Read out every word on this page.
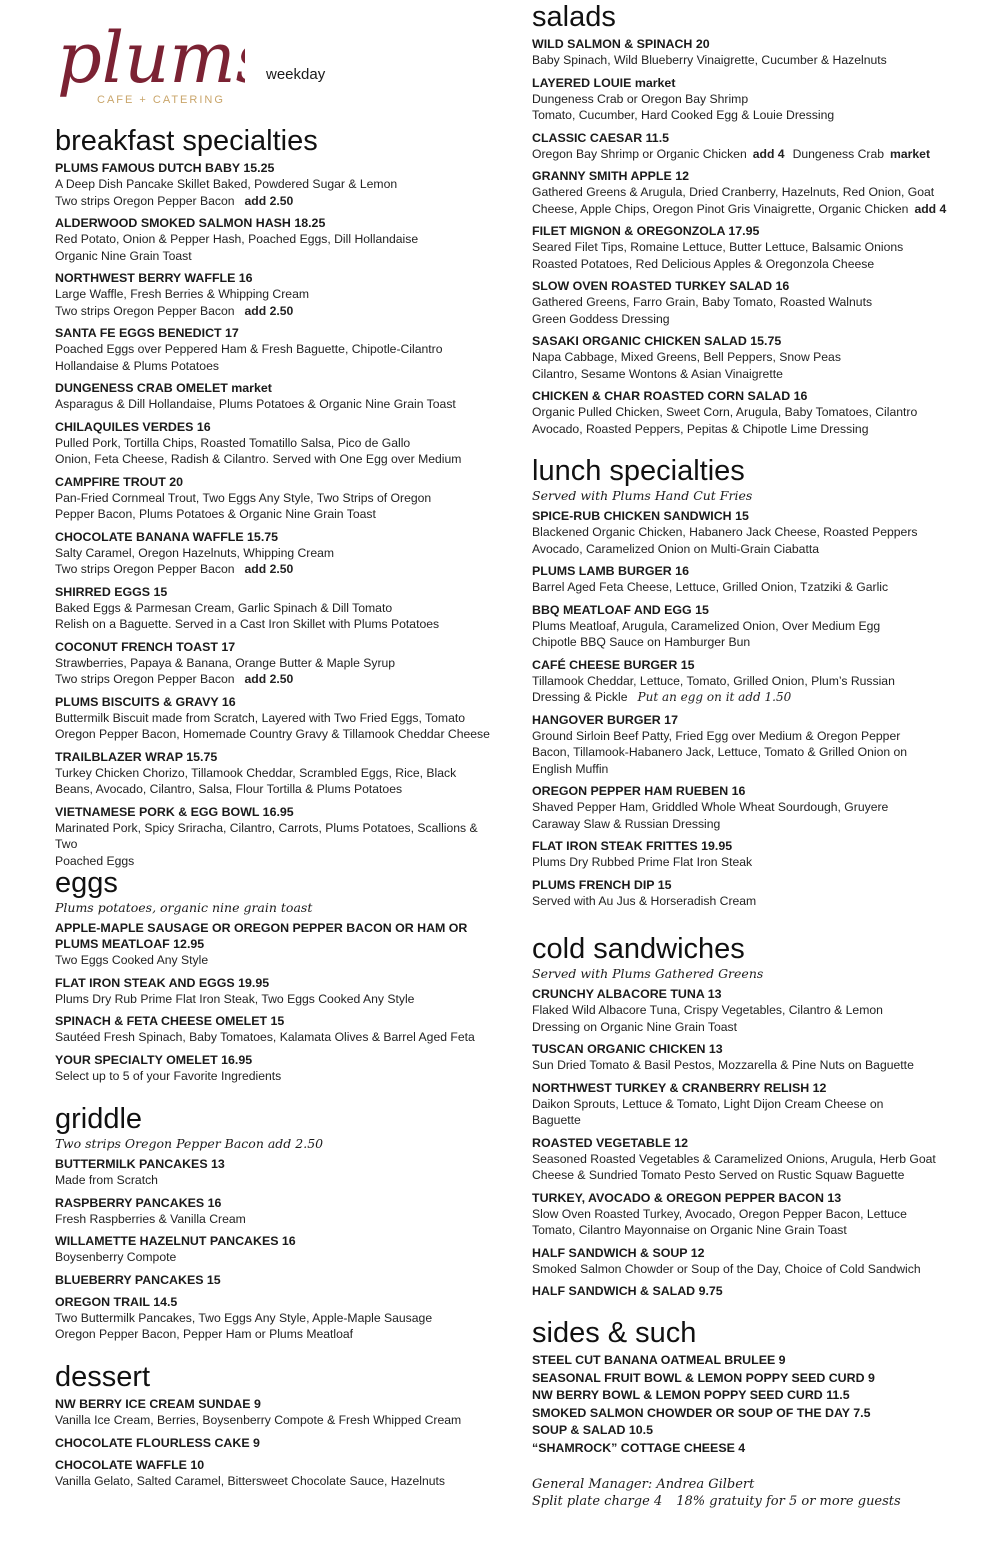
plum
CAFE + CATERING
weekday
breakfast specialties
PLUMS FAMOUS DUTCH BABY 15.25
A Deep Dish Pancake Skillet Baked, Powdered Sugar & Lemon
Two strips Oregon Pepper Bacon add 2.50
ALDERWOOD SMOKED SALMON HASH 18.25
Red Potato, Onion & Pepper Hash, Poached Eggs, Dill Hollandaise
Organic Nine Grain Toast
NORTHWEST BERRY WAFFLE 16
Large Waffle, Fresh Berries & Whipping Cream
Two strips Oregon Pepper Bacon add 2.50
SANTA FE EGGS BENEDICT 17
Poached Eggs over Peppered Ham & Fresh Baguette, Chipotle-Cilantro
Hollandaise & Plums Potatoes
DUNGENESS CRAB OMELET market
Asparagus & Dill Hollandaise, Plums Potatoes & Organic Nine Grain Toast
CHILAQUILES VERDES 16
Pulled Pork, Tortilla Chips, Roasted Tomatillo Salsa, Pico de Gallo
Onion, Feta Cheese, Radish & Cilantro. Served with One Egg over Medium
CAMPFIRE TROUT 20
Pan-Fried Cornmeal Trout, Two Eggs Any Style, Two Strips of Oregon
Pepper Bacon, Plums Potatoes & Organic Nine Grain Toast
CHOCOLATE BANANA WAFFLE 15.75
Salty Caramel, Oregon Hazelnuts, Whipping Cream
Two strips Oregon Pepper Bacon add 2.50
SHIRRED EGGS 15
Baked Eggs & Parmesan Cream, Garlic Spinach & Dill Tomato
Relish on a Baguette. Served in a Cast Iron Skillet with Plums Potatoes
COCONUT FRENCH TOAST 17
Strawberries, Papaya & Banana, Orange Butter & Maple Syrup
Two strips Oregon Pepper Bacon add 2.50
PLUMS BISCUITS & GRAVY 16
Buttermilk Biscuit made from Scratch, Layered with Two Fried Eggs, Tomato
Oregon Pepper Bacon, Homemade Country Gravy & Tillamook Cheddar Cheese
TRAILBLAZER WRAP 15.75
Turkey Chicken Chorizo, Tillamook Cheddar, Scrambled Eggs, Rice, Black
Beans, Avocado, Cilantro, Salsa, Flour Tortilla & Plums Potatoes
VIETNAMESE PORK & EGG BOWL 16.95
Marinated Pork, Spicy Sriracha, Cilantro, Carrots, Plums Potatoes, Scallions & Two
Poached Eggs
eggs
Plums potatoes, organic nine grain toast
APPLE-MAPLE SAUSAGE OR OREGON PEPPER BACON OR HAM OR
PLUMS MEATLOAF 12.95
Two Eggs Cooked Any Style
FLAT IRON STEAK AND EGGS 19.95
Plums Dry Rub Prime Flat Iron Steak, Two Eggs Cooked Any Style
SPINACH & FETA CHEESE OMELET 15
Sautéed Fresh Spinach, Baby Tomatoes, Kalamata Olives & Barrel Aged Feta
YOUR SPECIALTY OMELET 16.95
Select up to 5 of your Favorite Ingredients
griddle
Two strips Oregon Pepper Bacon add 2.50
BUTTERMILK PANCAKES 13
Made from Scratch
RASPBERRY PANCAKES 16
Fresh Raspberries & Vanilla Cream
WILLAMETTE HAZELNUT PANCAKES 16
Boysenberry Compote
BLUEBERRY PANCAKES 15
OREGON TRAIL 14.5
Two Buttermilk Pancakes, Two Eggs Any Style, Apple-Maple Sausage
Oregon Pepper Bacon, Pepper Ham or Plums Meatloaf
dessert
NW BERRY ICE CREAM SUNDAE 9
Vanilla Ice Cream, Berries, Boysenberry Compote & Fresh Whipped Cream
CHOCOLATE FLOURLESS CAKE 9
CHOCOLATE WAFFLE 10
Vanilla Gelato, Salted Caramel, Bittersweet Chocolate Sauce, Hazelnuts
salads
WILD SALMON & SPINACH 20
Baby Spinach, Wild Blueberry Vinaigrette, Cucumber & Hazelnuts
LAYERED LOUIE market
Dungeness Crab or Oregon Bay Shrimp
Tomato, Cucumber, Hard Cooked Egg & Louie Dressing
CLASSIC CAESAR 11.5
Oregon Bay Shrimp or Organic Chicken add 4 Dungeness Crab market
GRANNY SMITH APPLE 12
Gathered Greens & Arugula, Dried Cranberry, Hazelnuts, Red Onion, Goat
Cheese, Apple Chips, Oregon Pinot Gris Vinaigrette, Organic Chicken add 4
FILET MIGNON & OREGONZOLA 17.95
Seared Filet Tips, Romaine Lettuce, Butter Lettuce, Balsamic Onions
Roasted Potatoes, Red Delicious Apples & Oregonzola Cheese
SLOW OVEN ROASTED TURKEY SALAD 16
Gathered Greens, Farro Grain, Baby Tomato, Roasted Walnuts
Green Goddess Dressing
SASAKI ORGANIC CHICKEN SALAD 15.75
Napa Cabbage, Mixed Greens, Bell Peppers, Snow Peas
Cilantro, Sesame Wontons & Asian Vinaigrette
CHICKEN & CHAR ROASTED CORN SALAD 16
Organic Pulled Chicken, Sweet Corn, Arugula, Baby Tomatoes, Cilantro
Avocado, Roasted Peppers, Pepitas & Chipotle Lime Dressing
lunch specialties
Served with Plums Hand Cut Fries
SPICE-RUB CHICKEN SANDWICH 15
Blackened Organic Chicken, Habanero Jack Cheese, Roasted Peppers
Avocado, Caramelized Onion on Multi-Grain Ciabatta
PLUMS LAMB BURGER 16
Barrel Aged Feta Cheese, Lettuce, Grilled Onion, Tzatziki & Garlic
BBQ MEATLOAF AND EGG 15
Plums Meatloaf, Arugula, Caramelized Onion, Over Medium Egg
Chipotle BBQ Sauce on Hamburger Bun
CAFÉ CHEESE BURGER 15
Tillamook Cheddar, Lettuce, Tomato, Grilled Onion, Plum’s Russian
Dressing & Pickle Put an egg on it add 1.50
HANGOVER BURGER 17
Ground Sirloin Beef Patty, Fried Egg over Medium & Oregon Pepper
Bacon, Tillamook-Habanero Jack, Lettuce, Tomato & Grilled Onion on
English Muffin
OREGON PEPPER HAM RUEBEN 16
Shaved Pepper Ham, Griddled Whole Wheat Sourdough, Gruyere
Caraway Slaw & Russian Dressing
FLAT IRON STEAK FRITTES 19.95
Plums Dry Rubbed Prime Flat Iron Steak
PLUMS FRENCH DIP 15
Served with Au Jus & Horseradish Cream
cold sandwiches
Served with Plums Gathered Greens
CRUNCHY ALBACORE TUNA 13
Flaked Wild Albacore Tuna, Crispy Vegetables, Cilantro & Lemon
Dressing on Organic Nine Grain Toast
TUSCAN ORGANIC CHICKEN 13
Sun Dried Tomato & Basil Pestos, Mozzarella & Pine Nuts on Baguette
NORTHWEST TURKEY & CRANBERRY RELISH 12
Daikon Sprouts, Lettuce & Tomato, Light Dijon Cream Cheese on
Baguette
ROASTED VEGETABLE 12
Seasoned Roasted Vegetables & Caramelized Onions, Arugula, Herb Goat
Cheese & Sundried Tomato Pesto Served on Rustic Squaw Baguette
TURKEY, AVOCADO & OREGON PEPPER BACON 13
Slow Oven Roasted Turkey, Avocado, Oregon Pepper Bacon, Lettuce
Tomato, Cilantro Mayonnaise on Organic Nine Grain Toast
HALF SANDWICH & SOUP 12
Smoked Salmon Chowder or Soup of the Day, Choice of Cold Sandwich
HALF SANDWICH & SALAD 9.75
sides & such
STEEL CUT BANANA OATMEAL BRULEE 9
SEASONAL FRUIT BOWL & LEMON POPPY SEED CURD 9
NW BERRY BOWL & LEMON POPPY SEED CURD 11.5
SMOKED SALMON CHOWDER OR SOUP OF THE DAY 7.5
SOUP & SALAD 10.5
“SHAMROCK” COTTAGE CHEESE 4
General Manager: Andrea Gilbert
Split plate charge 4 18% gratuity for 5 or more guests
